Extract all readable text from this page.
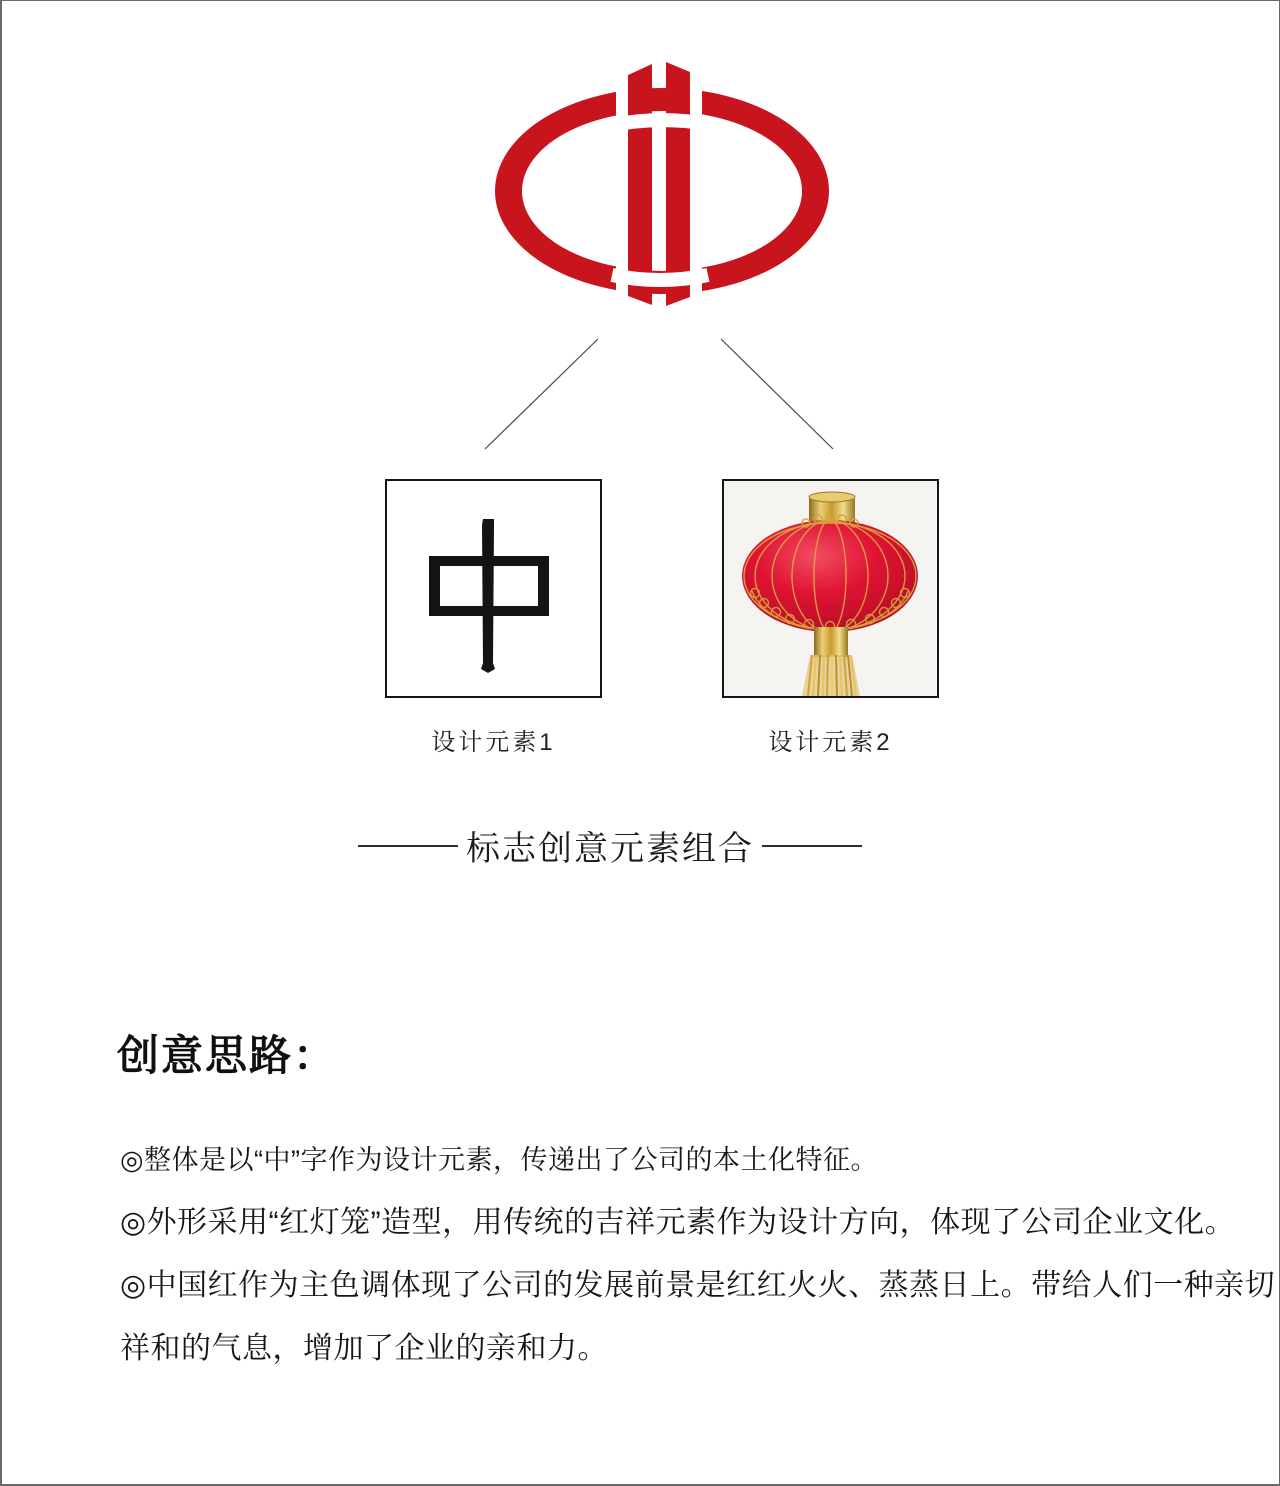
设计元素1	设计元素2
标志创意元素组合
创意思路：
◎整体是以“中”字作为设计元素，传递出了公司的本土化特征。
◎外形采用“红灯笼”造型，用传统的吉祥元素作为设计方向，体现了公司企业文化。
◎中国红作为主色调体现了公司的发展前景是红红火火、蒸蒸日上。带给人们一种亲切
祥和的气息，增加了企业的亲和力。
